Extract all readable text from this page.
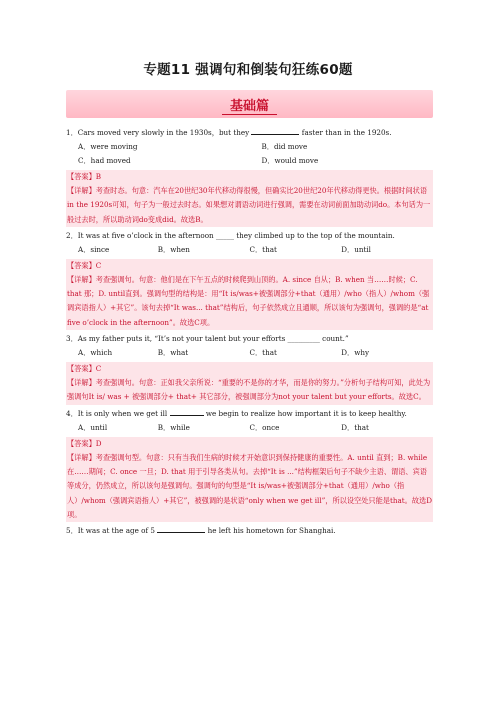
专题11 强调句和倒装句狂练60题
基础篇
1．Cars moved very slowly in the 1930s，but they	faster than in the 1920s.
A．were moving	B．did move
C．had moved	D．would move
【答案】B
【详解】考查时态。句意：汽车在20世纪30年代移动得很慢，但确实比20世纪20年代移动得更快。根据时间状语 in the 1920s可知，句子为一般过去时态。如果想对谓语动词进行强调，需要在动词前面加助动词do。本句话为一般过去时，所以助动词do变成did。故选B。
2．It was at five o’clock in the afternoon _____ they climbed up to the top of the mountain.
A．since	B．when	C．that	D．until
【答案】C
【详解】考查强调句。句意：他们是在下午五点的时候爬到山顶的。A. since 自从；B. when 当……时候；C. that 那；D. until直到。强调句型的结构是：用“It is/was+被强调部分+that（通用）/who（指人）/whom（强调宾语指人）+其它”。该句去掉“It was... that”结构后，句子依然成立且通顺，所以该句为强调句，强调的是“at five o’clock in the afternoon”。故选C项。
3．As my father puts it, “It’s not your talent but your efforts _________ count.”
A．which	B．what	C．that	D．why
【答案】C
【详解】考查强调句。句意：正如我父亲所说：“重要的不是你的才华，而是你的努力。”分析句子结构可知，此处为强调句It is/ was + 被强调部分+ that+ 其它部分，被强调部分为not your talent but your efforts。故选C。
4．It is only when we get ill	we begin to realize how important it is to keep healthy.
A．until	B．while	C．once	D．that
【答案】D
【详解】考查强调句型。句意：只有当我们生病的时候才开始意识到保持健康的重要性。A. until 直到；B. while 在……期间；C. once 一旦；D. that 用于引导各类从句。去掉“It is ...”结构框架后句子不缺少主语、谓语、宾语等成分，仍然成立，所以该句是强调句。强调句的句型是“It is/was+被强调部分+that（通用）/who（指人）/whom（强调宾语指人）+其它”，被强调的是状语“only when we get ill”，所以设空处只能是that。故选D项。
5．It was at the age of 5	he left his hometown for Shanghai.
